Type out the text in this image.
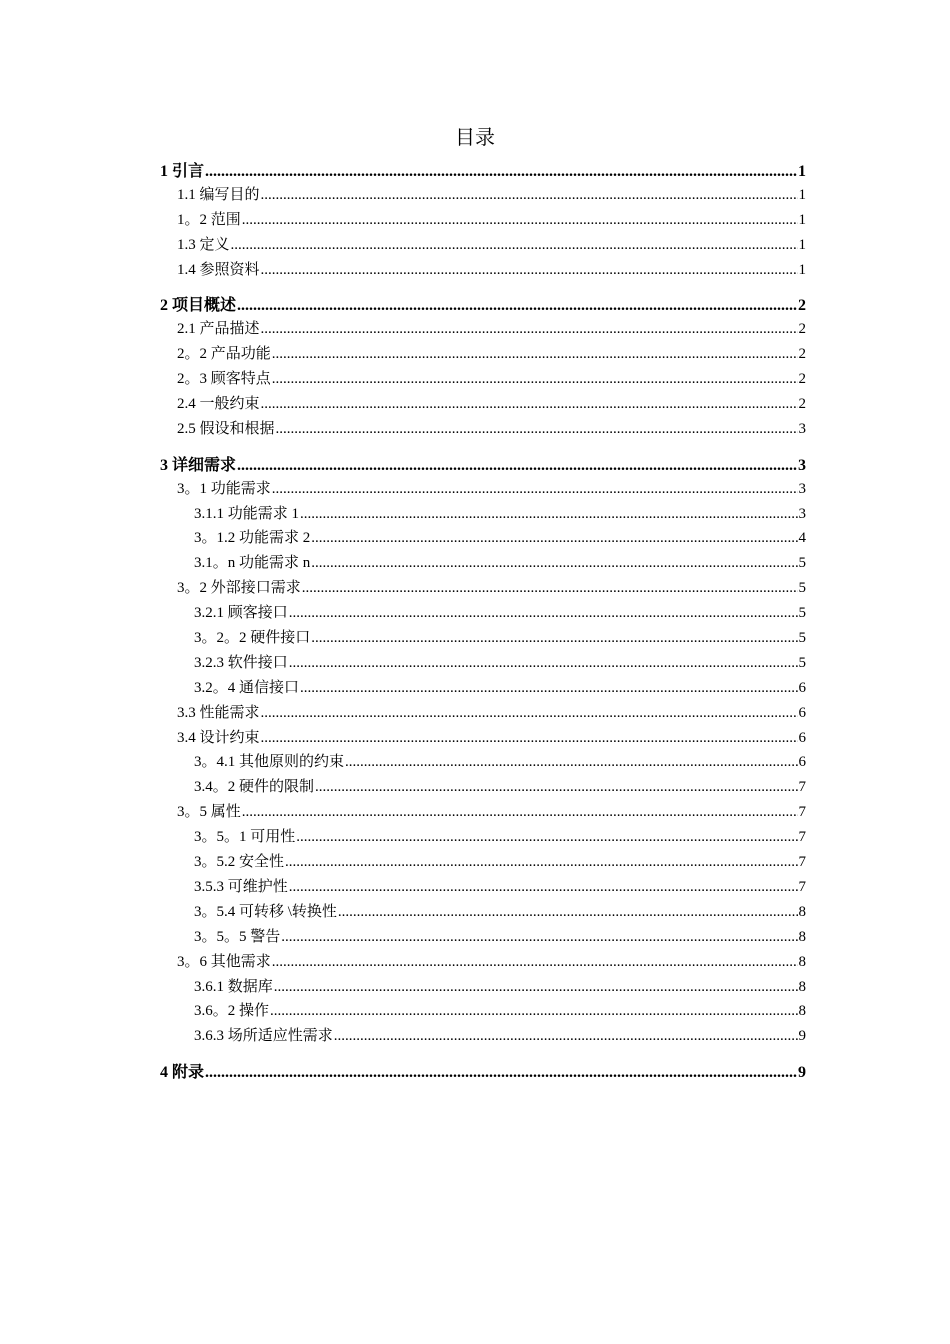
目录
1 引言 .....	1
1.1 编写目的 .....	1
1。2 范围 .....	1
1.3 定义 .....	1
1.4 参照资料 .....	1
2 项目概述 .....	2
2.1 产品描述 .....	2
2。2 产品功能 .....	2
2。3 顾客特点 .....	2
2.4 一般约束 .....	2
2.5 假设和根据 .....	3
3 详细需求 .....	3
3。1 功能需求 .....	3
3.1.1 功能需求 1 .....	3
3。1.2 功能需求 2 .....	4
3.1。n 功能需求 n .....	5
3。2 外部接口需求 .....	5
3.2.1 顾客接口 .....	5
3。2。2 硬件接口 .....	5
3.2.3 软件接口 .....	5
3.2。4 通信接口 .....	6
3.3 性能需求 .....	6
3.4 设计约束 .....	6
3。4.1 其他原则的约束 .....	6
3.4。2 硬件的限制 .....	7
3。5 属性 .....	7
3。5。1 可用性 .....	7
3。5.2 安全性 .....	7
3.5.3 可维护性 .....	7
3。5.4 可转移 \转换性 .....	8
3。5。5 警告 .....	8
3。6 其他需求 .....	8
3.6.1 数据库 .....	8
3.6。2 操作 .....	8
3.6.3 场所适应性需求 .....	9
4 附录 .....	9
